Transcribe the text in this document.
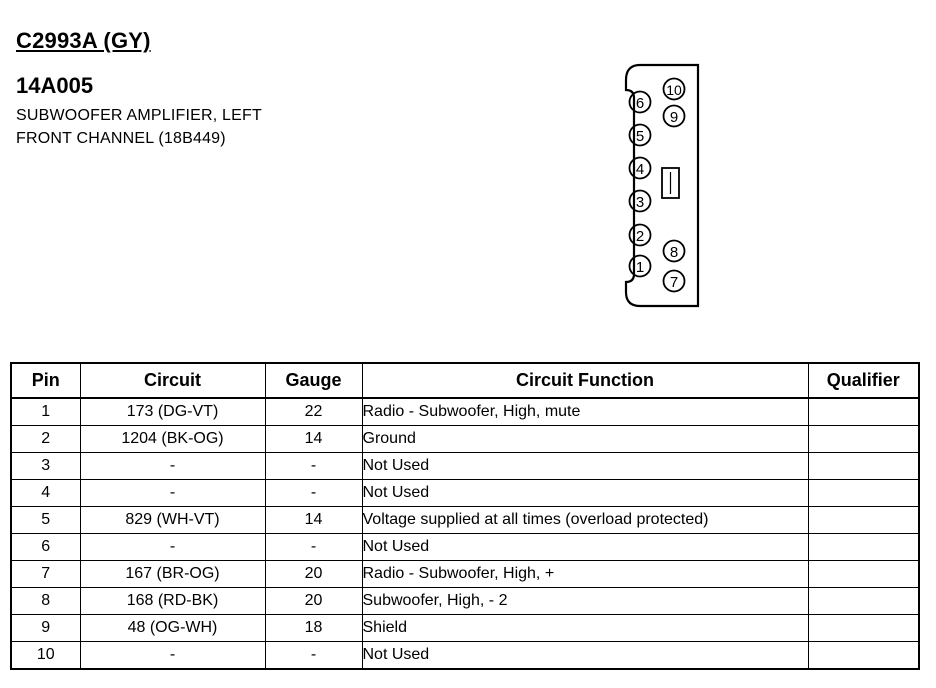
C2993A (GY)
14A005
SUBWOOFER AMPLIFIER, LEFT
FRONT CHANNEL (18B449)
10
9
6
5
4
3
2
1
8
7
Pin	Circuit	Gauge	Circuit Function	Qualifier
1	173 (DG-VT)	22	Radio - Subwoofer, High, mute	
2	1204 (BK-OG)	14	Ground	
3	-	-	Not Used	
4	-	-	Not Used	
5	829 (WH-VT)	14	Voltage supplied at all times (overload protected)	
6	-	-	Not Used	
7	167 (BR-OG)	20	Radio - Subwoofer, High, +	
8	168 (RD-BK)	20	Subwoofer, High, - 2	
9	48 (OG-WH)	18	Shield	
10	-	-	Not Used	
